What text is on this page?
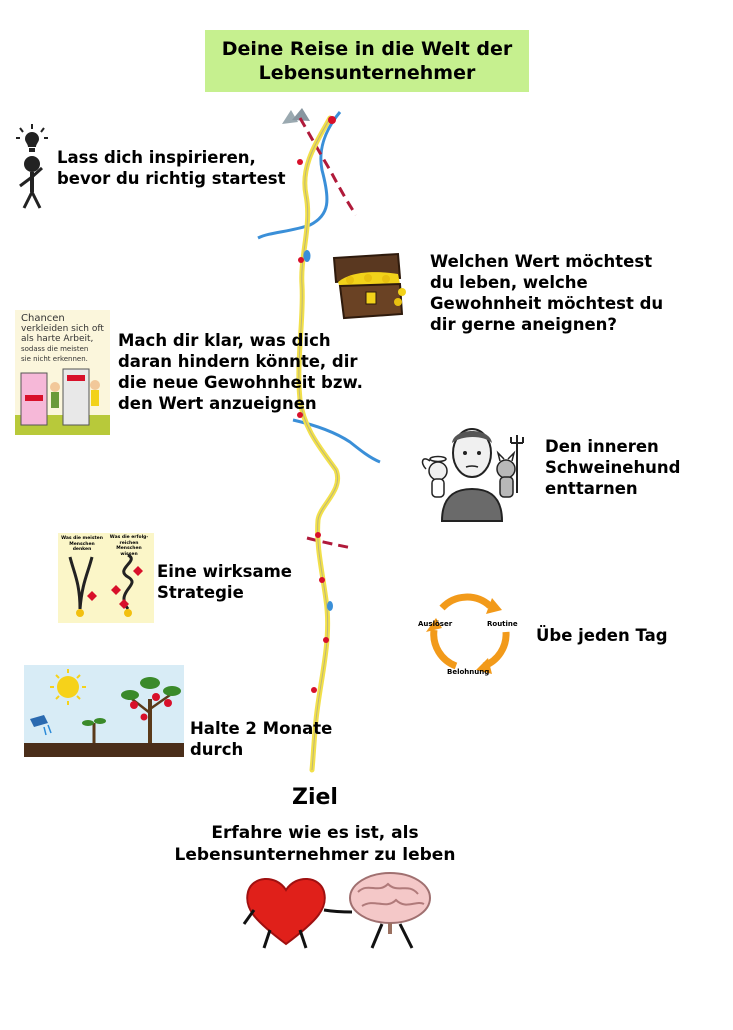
Deine Reise in die Welt der
Lebensunternehmer
Lass dich inspirieren,
bevor du richtig startest
Welchen Wert möchtest
du leben, welche
Gewohnheit möchtest du
dir gerne aneignen?
Chancen
verkleiden sich oft
als harte Arbeit,
sodass die meisten
sie nicht erkennen.
Mach dir klar, was dich
daran hindern könnte, dir
die neue Gewohnheit bzw.
den Wert anzueignen
Den inneren
Schweinehund
enttarnen
Was die meisten
Menschen denken
Was die erfolg-
reichen Menschen
wissen
Eine wirksame
Strategie
Auslöser	Routine
Belohnung
Übe jeden Tag
Halte 2 Monate
durch
Ziel
Erfahre wie es ist, als
Lebensunternehmer zu leben
